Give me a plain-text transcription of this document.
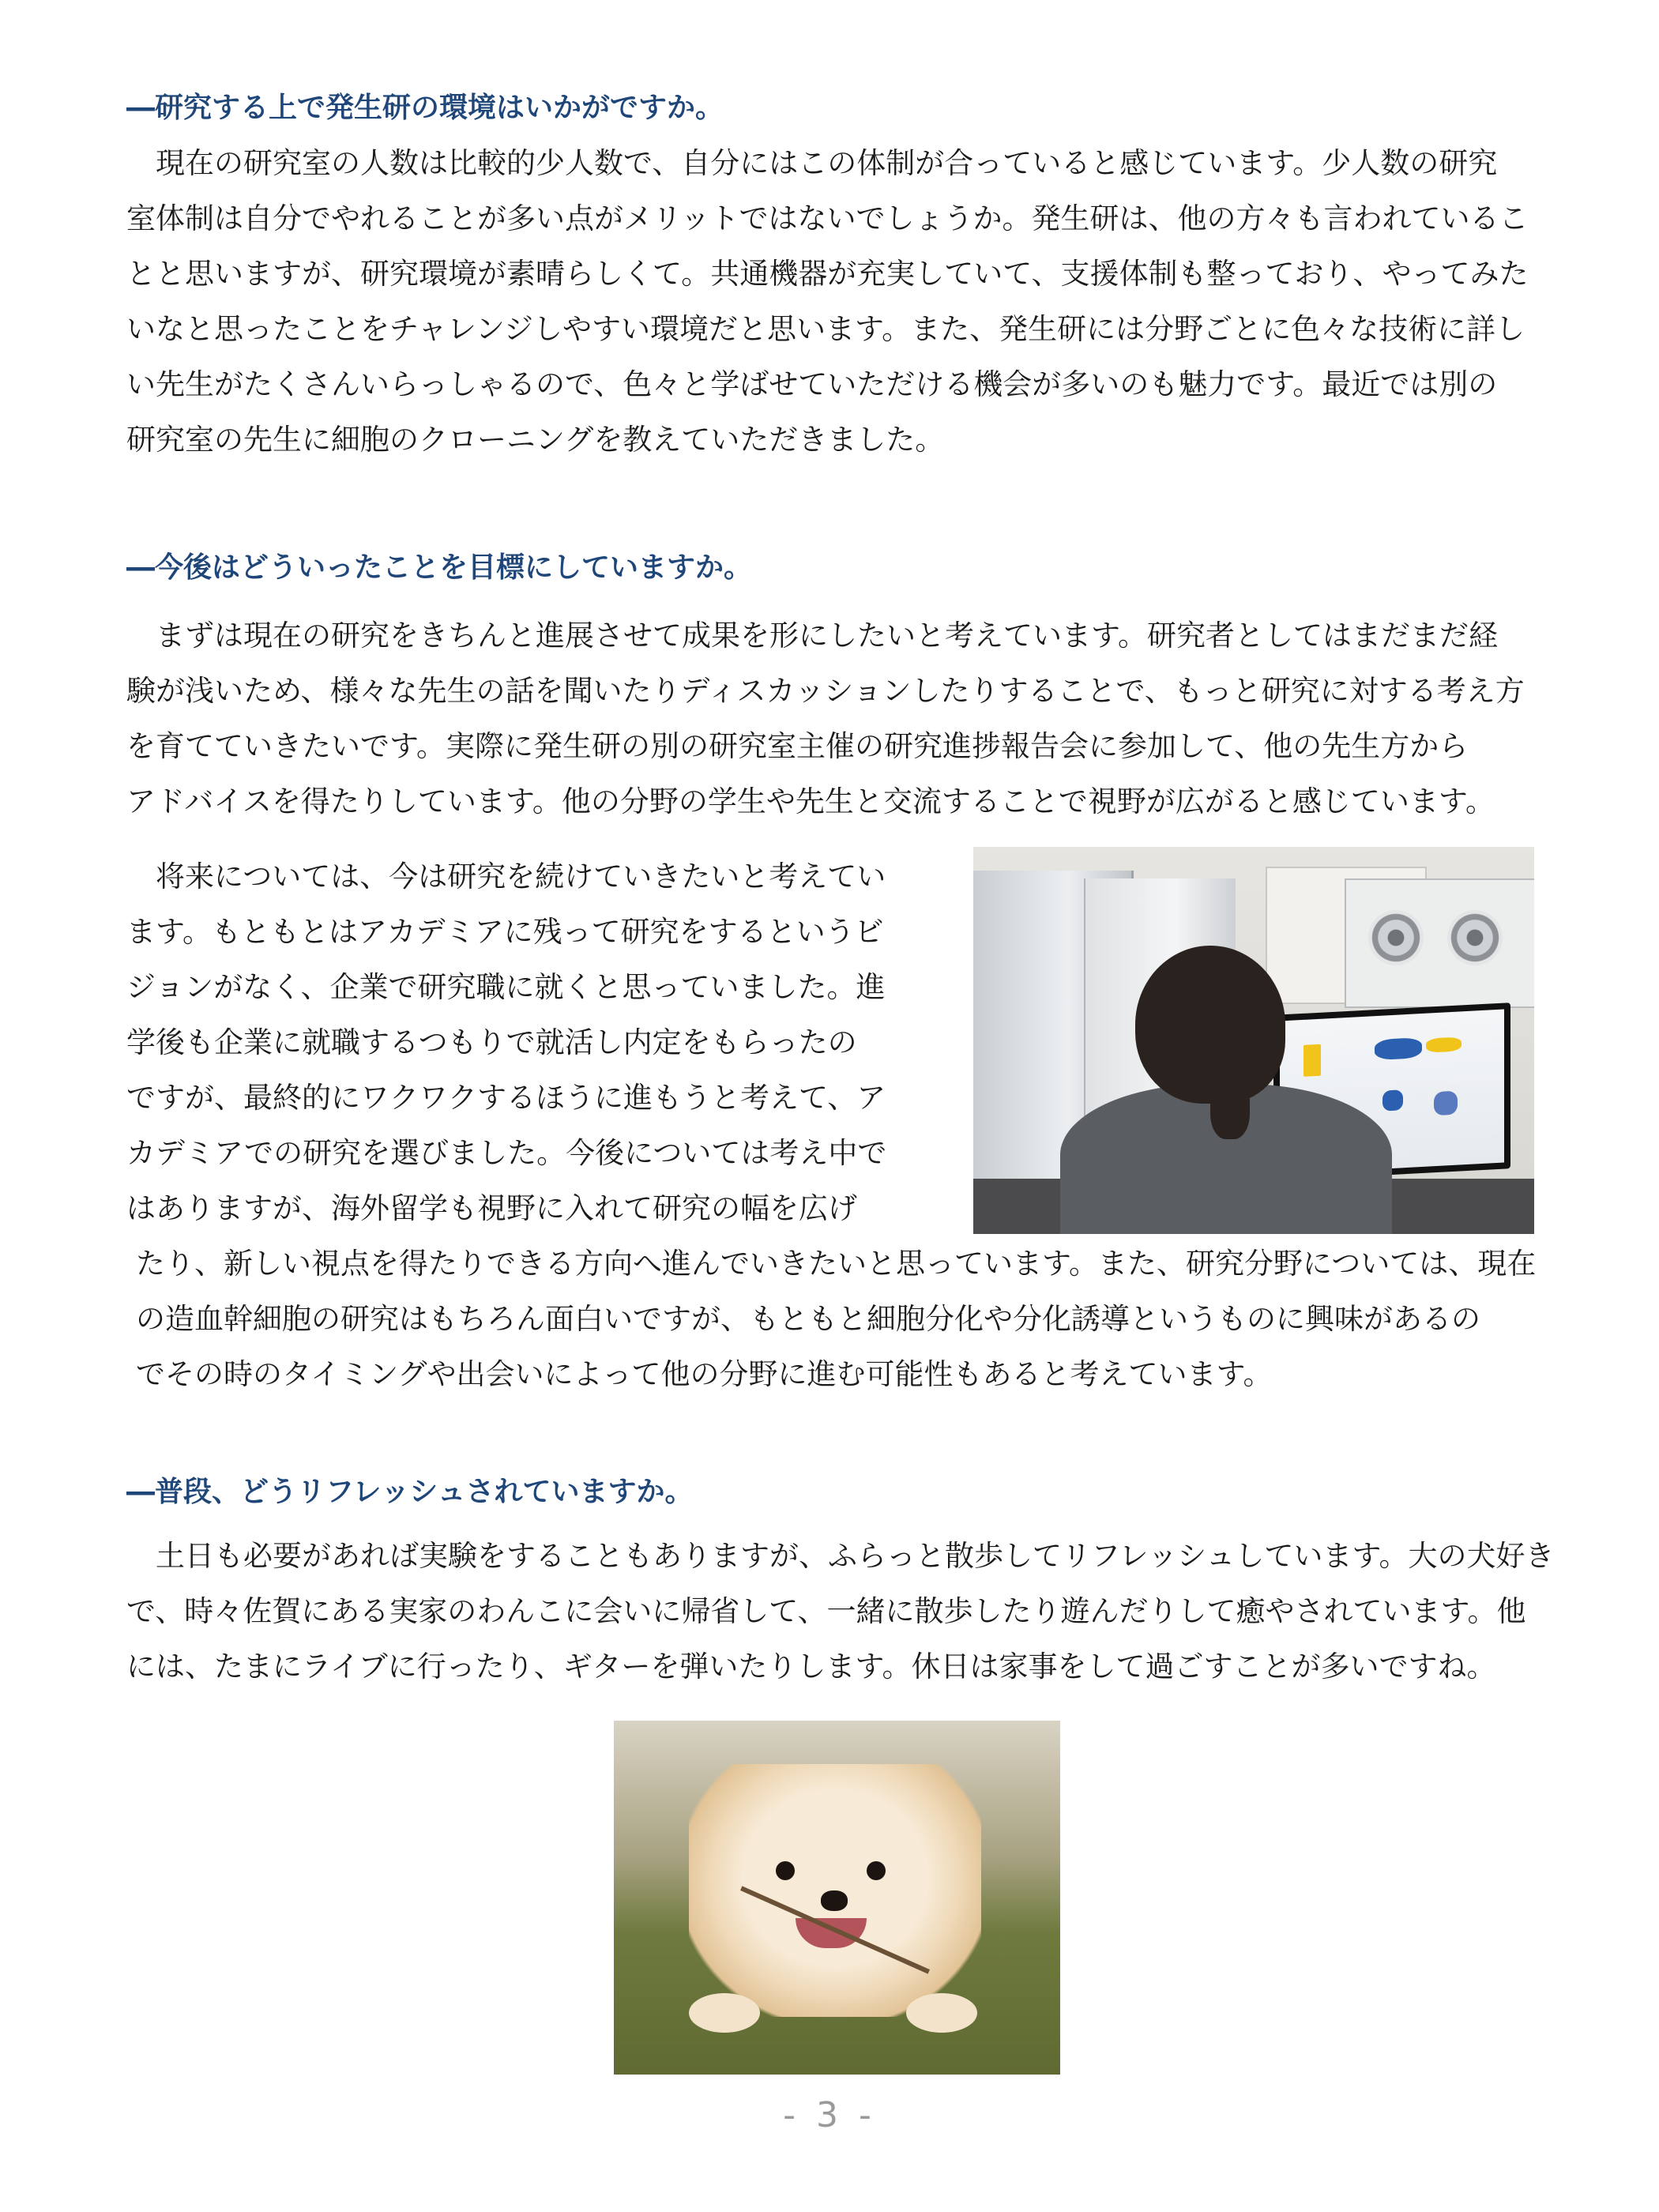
―研究する上で発生研の環境はいかがですか。
　現在の研究室の人数は比較的少人数で、自分にはこの体制が合っていると感じています。少人数の研究
室体制は自分でやれることが多い点がメリットではないでしょうか。発生研は、他の方々も言われているこ
とと思いますが、研究環境が素晴らしくて。共通機器が充実していて、支援体制も整っており、やってみた
いなと思ったことをチャレンジしやすい環境だと思います。また、発生研には分野ごとに色々な技術に詳し
い先生がたくさんいらっしゃるので、色々と学ばせていただける機会が多いのも魅力です。最近では別の
研究室の先生に細胞のクローニングを教えていただきました。
―今後はどういったことを目標にしていますか。
　まずは現在の研究をきちんと進展させて成果を形にしたいと考えています。研究者としてはまだまだ経
験が浅いため、様々な先生の話を聞いたりディスカッションしたりすることで、もっと研究に対する考え方
を育てていきたいです。実際に発生研の別の研究室主催の研究進捗報告会に参加して、他の先生方から
アドバイスを得たりしています。他の分野の学生や先生と交流することで視野が広がると感じています。
　将来については、今は研究を続けていきたいと考えてい
ます。もともとはアカデミアに残って研究をするというビ
ジョンがなく、企業で研究職に就くと思っていました。進
学後も企業に就職するつもりで就活し内定をもらったの
ですが、最終的にワクワクするほうに進もうと考えて、ア
カデミアでの研究を選びました。今後については考え中で
はありますが、海外留学も視野に入れて研究の幅を広げ
たり、新しい視点を得たりできる方向へ進んでいきたいと思っています。また、研究分野については、現在
の造血幹細胞の研究はもちろん面白いですが、もともと細胞分化や分化誘導というものに興味があるの
でその時のタイミングや出会いによって他の分野に進む可能性もあると考えています。
―普段、どうリフレッシュされていますか。
　土日も必要があれば実験をすることもありますが、ふらっと散歩してリフレッシュしています。大の犬好き
で、時々佐賀にある実家のわんこに会いに帰省して、一緒に散歩したり遊んだりして癒やされています。他
には、たまにライブに行ったり、ギターを弾いたりします。休日は家事をして過ごすことが多いですね。
- 3 -
